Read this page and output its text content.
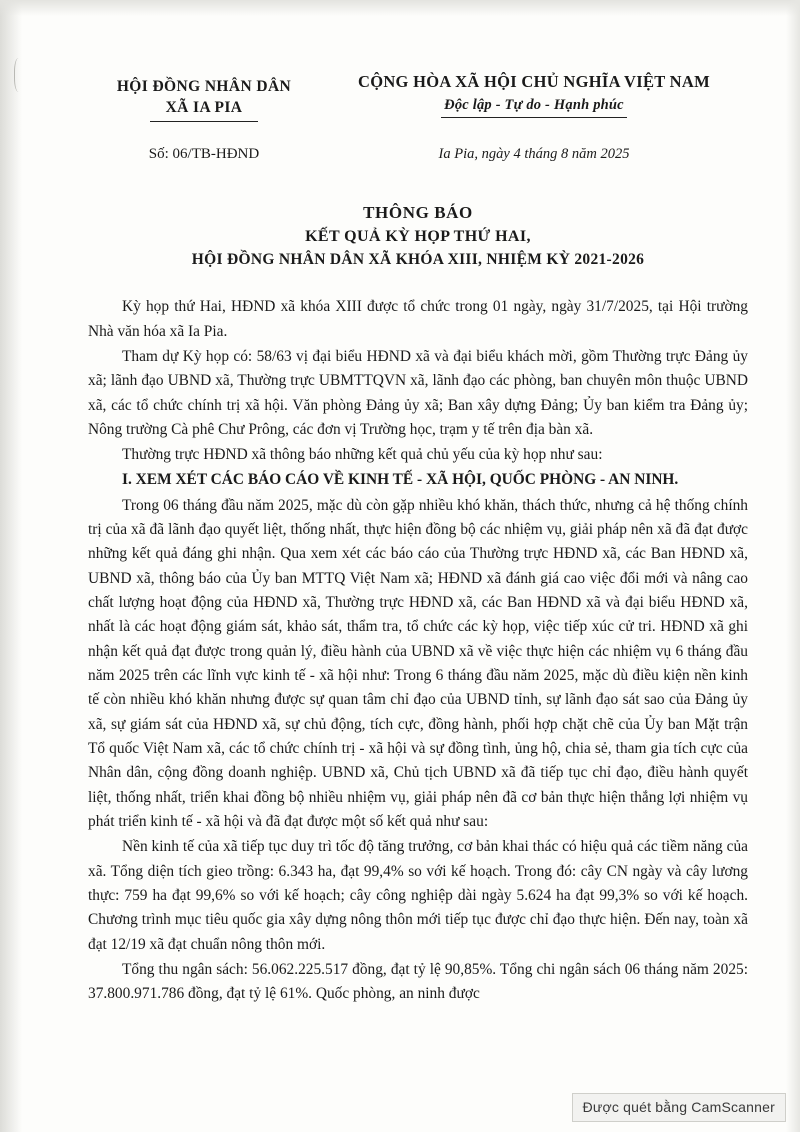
HỘI ĐỒNG NHÂN DÂN
XÃ IA PIA
CỘNG HÒA XÃ HỘI CHỦ NGHĨA VIỆT NAM
Độc lập - Tự do - Hạnh phúc
Số: 06/TB-HĐND	Ia Pia, ngày 4 tháng 8 năm 2025
THÔNG BÁO
KẾT QUẢ KỲ HỌP THỨ HAI,
HỘI ĐỒNG NHÂN DÂN XÃ KHÓA XIII, NHIỆM KỲ 2021-2026

Kỳ họp thứ Hai, HĐND xã khóa XIII được tổ chức trong 01 ngày, ngày 31/7/2025, tại Hội trường Nhà văn hóa xã Ia Pia.

Tham dự Kỳ họp có: 58/63 vị đại biểu HĐND xã và đại biểu khách mời, gồm Thường trực Đảng ủy xã; lãnh đạo UBND xã, Thường trực UBMTTQVN xã, lãnh đạo các phòng, ban chuyên môn thuộc UBND xã, các tổ chức chính trị xã hội. Văn phòng Đảng ủy xã; Ban xây dựng Đảng; Ủy ban kiểm tra Đảng ủy; Nông trường Cà phê Chư Prông, các đơn vị Trường học, trạm y tế trên địa bàn xã.

Thường trực HĐND xã thông báo những kết quả chủ yếu của kỳ họp như sau:

I. XEM XÉT CÁC BÁO CÁO VỀ KINH TẾ - XÃ HỘI, QUỐC PHÒNG - AN NINH.

Trong 06 tháng đầu năm 2025, mặc dù còn gặp nhiều khó khăn, thách thức, nhưng cả hệ thống chính trị của xã đã lãnh đạo quyết liệt, thống nhất, thực hiện đồng bộ các nhiệm vụ, giải pháp nên xã đã đạt được những kết quả đáng ghi nhận. Qua xem xét các báo cáo của Thường trực HĐND xã, các Ban HĐND xã, UBND xã, thông báo của Ủy ban MTTQ Việt Nam xã; HĐND xã đánh giá cao việc đổi mới và nâng cao chất lượng hoạt động của HĐND xã, Thường trực HĐND xã, các Ban HĐND xã và đại biểu HĐND xã, nhất là các hoạt động giám sát, khảo sát, thẩm tra, tổ chức các kỳ họp, việc tiếp xúc cử tri. HĐND xã ghi nhận kết quả đạt được trong quản lý, điều hành của UBND xã về việc thực hiện các nhiệm vụ 6 tháng đầu năm 2025 trên các lĩnh vực kinh tế - xã hội như: Trong 6 tháng đầu năm 2025, mặc dù điều kiện nền kinh tế còn nhiều khó khăn nhưng được sự quan tâm chỉ đạo của UBND tỉnh, sự lãnh đạo sát sao của Đảng ủy xã, sự giám sát của HĐND xã, sự chủ động, tích cực, đồng hành, phối hợp chặt chẽ của Ủy ban Mặt trận Tổ quốc Việt Nam xã, các tổ chức chính trị - xã hội và sự đồng tình, ủng hộ, chia sẻ, tham gia tích cực của Nhân dân, cộng đồng doanh nghiệp. UBND xã, Chủ tịch UBND xã đã tiếp tục chỉ đạo, điều hành quyết liệt, thống nhất, triển khai đồng bộ nhiều nhiệm vụ, giải pháp nên đã cơ bản thực hiện thắng lợi nhiệm vụ phát triển kinh tế - xã hội và đã đạt được một số kết quả như sau:

Nền kinh tế của xã tiếp tục duy trì tốc độ tăng trưởng, cơ bản khai thác có hiệu quả các tiềm năng của xã. Tổng diện tích gieo trồng: 6.343 ha, đạt 99,4% so với kế hoạch. Trong đó: cây CN ngày và cây lương thực: 759 ha đạt 99,6% so với kế hoạch; cây công nghiệp dài ngày 5.624 ha đạt 99,3% so với kế hoạch. Chương trình mục tiêu quốc gia xây dựng nông thôn mới tiếp tục được chỉ đạo thực hiện. Đến nay, toàn xã đạt 12/19 xã đạt chuẩn nông thôn mới.

Tổng thu ngân sách: 56.062.225.517 đồng, đạt tỷ lệ 90,85%. Tổng chi ngân sách 06 tháng năm 2025: 37.800.971.786 đồng, đạt tỷ lệ 61%. Quốc phòng, an ninh được

Được quét bằng CamScanner
